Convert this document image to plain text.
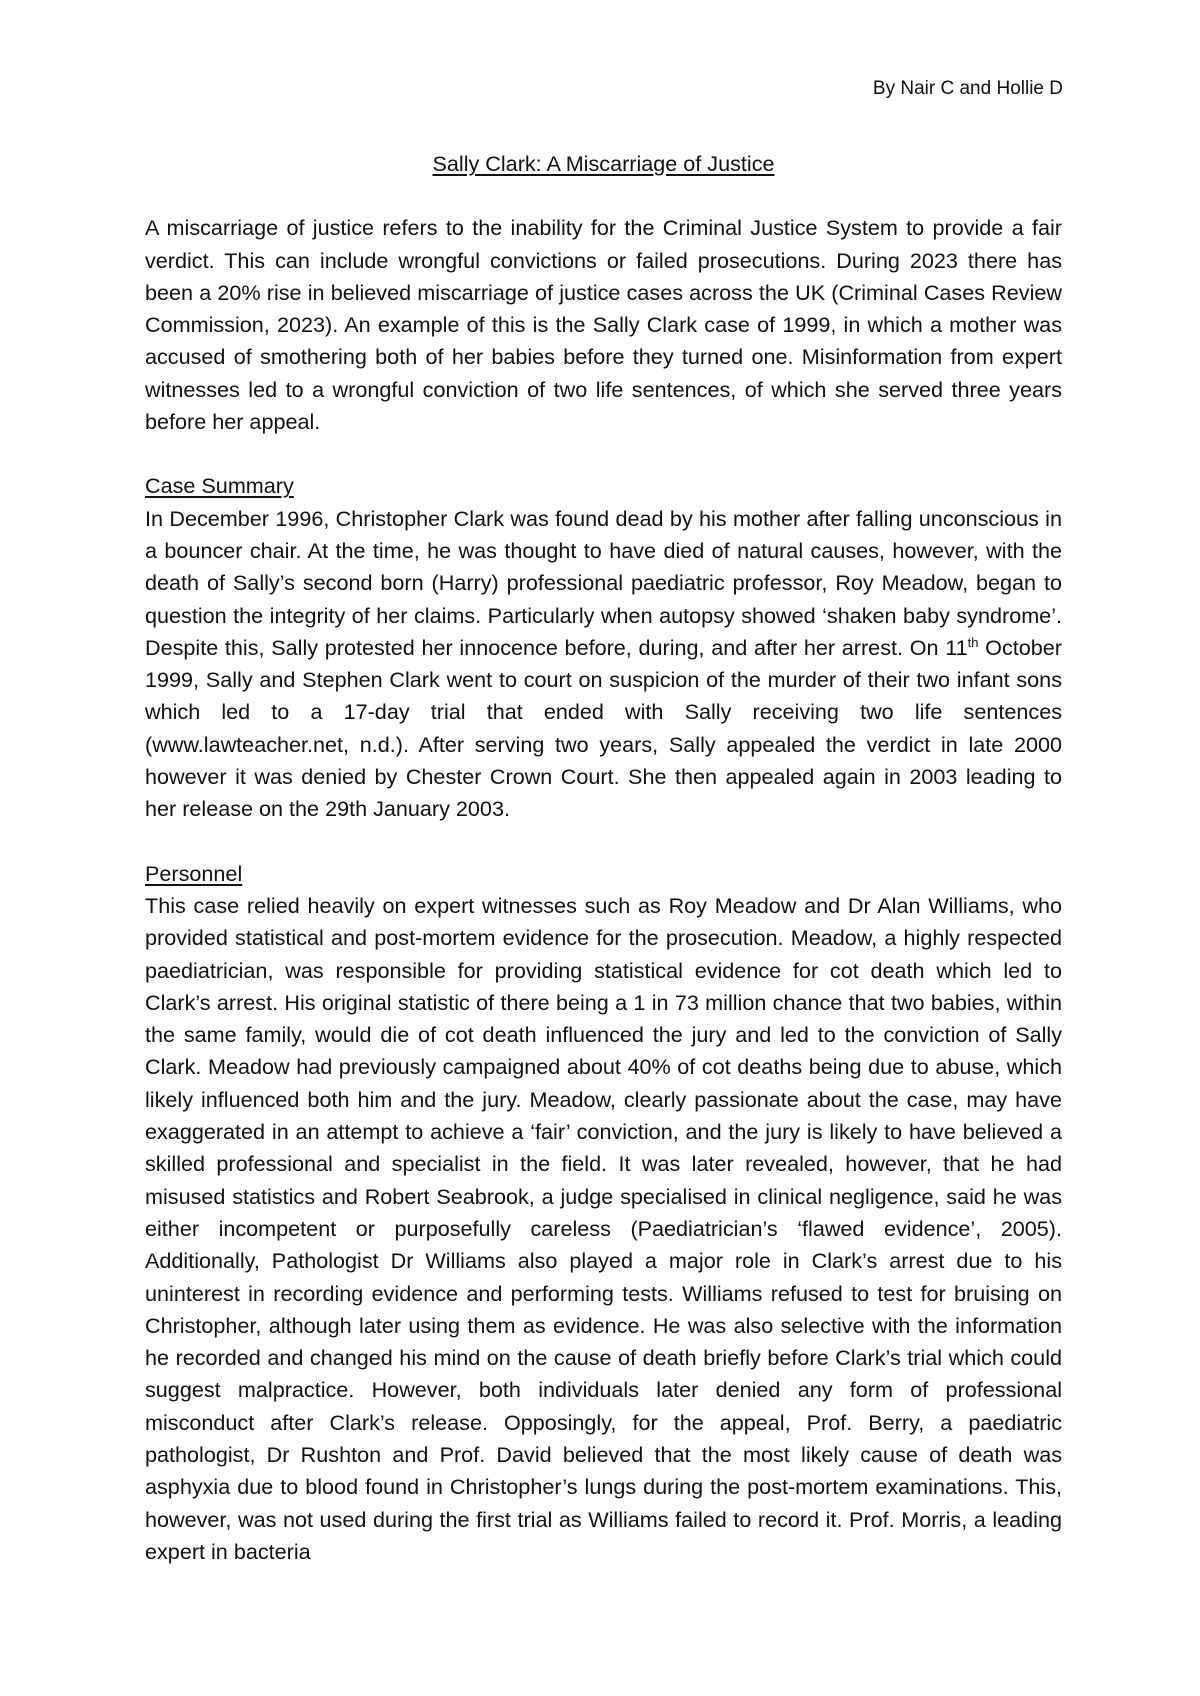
By Nair C and Hollie D
Sally Clark: A Miscarriage of Justice

A miscarriage of justice refers to the inability for the Criminal Justice System to provide a fair verdict. This can include wrongful convictions or failed prosecutions. During 2023 there has been a 20% rise in believed miscarriage of justice cases across the UK (Criminal Cases Review Commission, 2023). An example of this is the Sally Clark case of 1999, in which a mother was accused of smothering both of her babies before they turned one. Misinformation from expert witnesses led to a wrongful conviction of two life sentences, of which she served three years before her appeal.

Case Summary

In December 1996, Christopher Clark was found dead by his mother after falling unconscious in a bouncer chair. At the time, he was thought to have died of natural causes, however, with the death of Sally’s second born (Harry) professional paediatric professor, Roy Meadow, began to question the integrity of her claims. Particularly when autopsy showed ‘shaken baby syndrome’. Despite this, Sally protested her innocence before, during, and after her arrest. On 11th October 1999, Sally and Stephen Clark went to court on suspicion of the murder of their two infant sons which led to a 17-day trial that ended with Sally receiving two life sentences (www.lawteacher.net, n.d.). After serving two years, Sally appealed the verdict in late 2000 however it was denied by Chester Crown Court. She then appealed again in 2003 leading to her release on the 29th January 2003.

Personnel

This case relied heavily on expert witnesses such as Roy Meadow and Dr Alan Williams, who provided statistical and post-mortem evidence for the prosecution. Meadow, a highly respected paediatrician, was responsible for providing statistical evidence for cot death which led to Clark’s arrest. His original statistic of there being a 1 in 73 million chance that two babies, within the same family, would die of cot death influenced the jury and led to the conviction of Sally Clark. Meadow had previously campaigned about 40% of cot deaths being due to abuse, which likely influenced both him and the jury. Meadow, clearly passionate about the case, may have exaggerated in an attempt to achieve a ‘fair’ conviction, and the jury is likely to have believed a skilled professional and specialist in the field. It was later revealed, however, that he had misused statistics and Robert Seabrook, a judge specialised in clinical negligence, said he was either incompetent or purposefully careless (Paediatrician’s ‘flawed evidence’, 2005). Additionally, Pathologist Dr Williams also played a major role in Clark’s arrest due to his uninterest in recording evidence and performing tests. Williams refused to test for bruising on Christopher, although later using them as evidence. He was also selective with the information he recorded and changed his mind on the cause of death briefly before Clark’s trial which could suggest malpractice. However, both individuals later denied any form of professional misconduct after Clark’s release. Opposingly, for the appeal, Prof. Berry, a paediatric pathologist, Dr Rushton and Prof. David believed that the most likely cause of death was asphyxia due to blood found in Christopher’s lungs during the post-mortem examinations. This, however, was not used during the first trial as Williams failed to record it. Prof. Morris, a leading expert in bacteria
